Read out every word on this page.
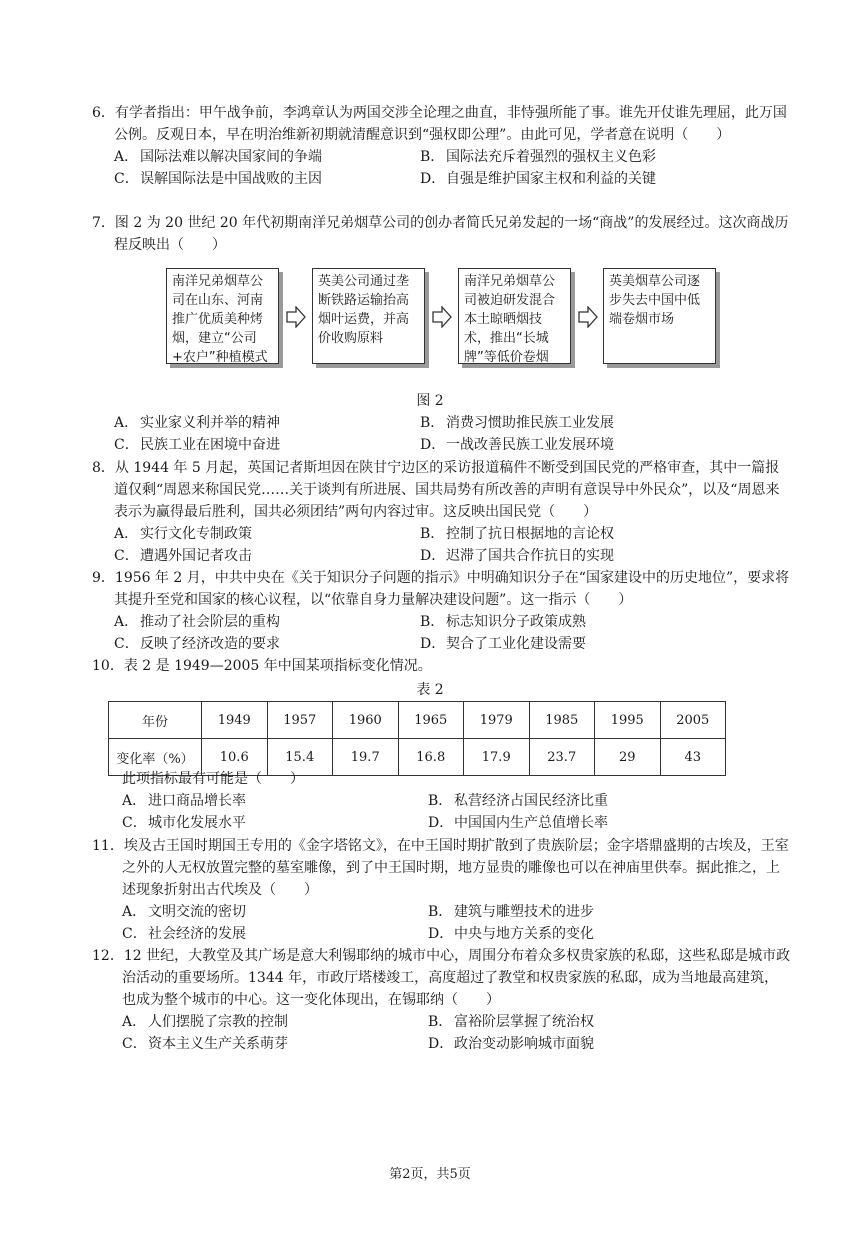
6．有学者指出：甲午战争前，李鸿章认为两国交涉全论理之曲直，非恃强所能了事。谁先开仗谁先理屈，此万国公例。反观日本，早在明治维新初期就清醒意识到“强权即公理”。由此可见，学者意在说明（　　）

A． 国际法难以解决国家间的争端	B． 国际法充斥着强烈的强权主义色彩
C．误解国际法是中国战败的主因	D．自强是维护国家主权和利益的关键

7．图 2 为 20 世纪 20 年代初期南洋兄弟烟草公司的创办者简氏兄弟发起的一场“商战”的发展经过。这次商战历程反映出（　　）

南洋兄弟烟草公司在山东、河南推广优质美种烤烟，建立“公司+农户”种植模式
英美公司通过垄断铁路运输抬高烟叶运费，并高价收购原料
南洋兄弟烟草公司被迫研发混合本土晾晒烟技术，推出“长城牌”等低价卷烟
英美烟草公司逐步失去中国中低端卷烟市场
图 2
A． 实业家义利并举的精神	B． 消费习惯助推民族工业发展
C．民族工业在困境中奋进	D．一战改善民族工业发展环境

8．从 1944 年 5 月起，英国记者斯坦因在陕甘宁边区的采访报道稿件不断受到国民党的严格审查，其中一篇报道仅剩“周恩来称国民党……关于谈判有所进展、国共局势有所改善的声明有意误导中外民众”，以及“周恩来表示为赢得最后胜利，国共必须团结”两句内容过审。这反映出国民党（　　）

A． 实行文化专制政策	B． 控制了抗日根据地的言论权
C．遭遇外国记者攻击	D．迟滞了国共合作抗日的实现

9．1956 年 2 月，中共中央在《关于知识分子问题的指示》中明确知识分子在“国家建设中的历史地位”，要求将其提升至党和国家的核心议程，以“依靠自身力量解决建设问题”。这一指示（　　）

A． 推动了社会阶层的重构	B． 标志知识分子政策成熟
C．反映了经济改造的要求	D．契合了工业化建设需要

10．表 2 是 1949—2005 年中国某项指标变化情况。

表 2
年份	1949	1957	1960	1965	1979	1985	1995	2005
变化率（%）	10.6	15.4	19.7	16.8	17.9	23.7	29	43

此项指标最有可能是（　　）

A． 进口商品增长率	B． 私营经济占国民经济比重
C．城市化发展水平	D．中国国内生产总值增长率

11．埃及古王国时期国王专用的《金字塔铭文》，在中王国时期扩散到了贵族阶层；金字塔鼎盛期的古埃及，王室之外的人无权放置完整的墓室雕像，到了中王国时期，地方显贵的雕像也可以在神庙里供奉。据此推之，上述现象折射出古代埃及（　　）

A． 文明交流的密切	B． 建筑与雕塑技术的进步
C．社会经济的发展	D．中央与地方关系的变化

12．12 世纪，大教堂及其广场是意大利锡耶纳的城市中心，周围分布着众多权贵家族的私邸，这些私邸是城市政治活动的重要场所。1344 年，市政厅塔楼竣工，高度超过了教堂和权贵家族的私邸，成为当地最高建筑，也成为整个城市的中心。这一变化体现出，在锡耶纳（　　）

A． 人们摆脱了宗教的控制	B． 富裕阶层掌握了统治权
C．资本主义生产关系萌芽	D．政治变动影响城市面貌
第2页，共5页
